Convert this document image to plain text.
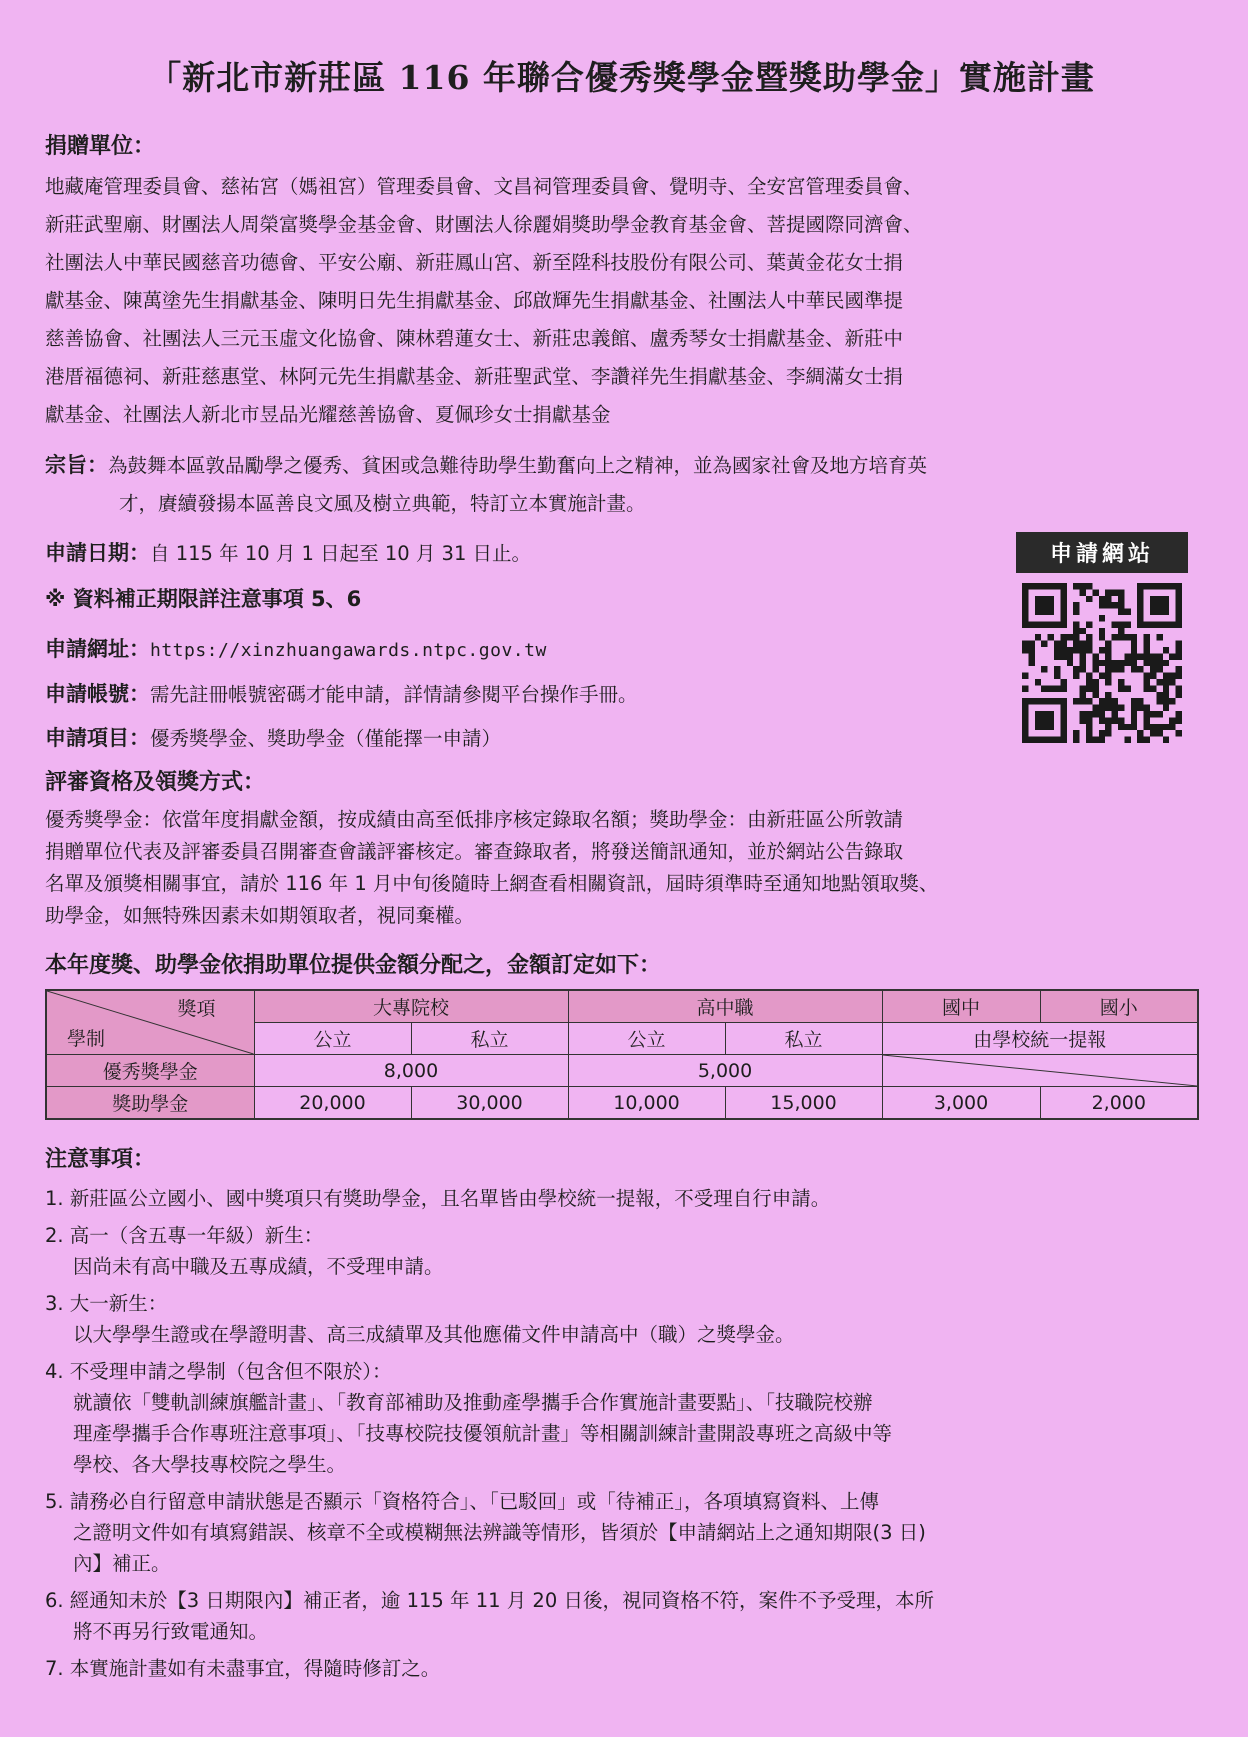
「新北市新莊區 116 年聯合優秀獎學金暨獎助學金」實施計畫
捐贈單位：
地藏庵管理委員會、慈祐宮（媽祖宮）管理委員會、文昌祠管理委員會、覺明寺、全安宮管理委員會、
新莊武聖廟、財團法人周榮富獎學金基金會、財團法人徐麗娟獎助學金教育基金會、菩提國際同濟會、
社團法人中華民國慈音功德會、平安公廟、新莊鳳山宮、新至陞科技股份有限公司、葉黃金花女士捐
獻基金、陳萬塗先生捐獻基金、陳明日先生捐獻基金、邱啟輝先生捐獻基金、社團法人中華民國準提
慈善協會、社團法人三元玉虛文化協會、陳林碧蓮女士、新莊忠義館、盧秀琴女士捐獻基金、新莊中
港厝福德祠、新莊慈惠堂、林阿元先生捐獻基金、新莊聖武堂、李讚祥先生捐獻基金、李綢滿女士捐
獻基金、社團法人新北市昱品光耀慈善協會、夏佩珍女士捐獻基金
宗旨：為鼓舞本區敦品勵學之優秀、貧困或急難待助學生勤奮向上之精神，並為國家社會及地方培育英
才，賡續發揚本區善良文風及樹立典範，特訂立本實施計畫。
申請日期：自 115 年 10 月 1 日起至 10 月 31 日止。
※ 資料補正期限詳注意事項 5、6
申請網址：https://xinzhuangawards.ntpc.gov.tw
申請帳號：需先註冊帳號密碼才能申請，詳情請參閱平台操作手冊。
申請項目：優秀獎學金、獎助學金（僅能擇一申請）
申請網站
評審資格及領獎方式：
優秀獎學金：依當年度捐獻金額，按成績由高至低排序核定錄取名額；獎助學金：由新莊區公所敦請
捐贈單位代表及評審委員召開審查會議評審核定。審查錄取者，將發送簡訊通知，並於網站公告錄取
名單及頒獎相關事宜，請於 116 年 1 月中旬後隨時上網查看相關資訊，屆時須準時至通知地點領取獎、
助學金，如無特殊因素未如期領取者，視同棄權。
本年度獎、助學金依捐助單位提供金額分配之，金額訂定如下：
獎項
學制	大專院校		高中職		國中	國小
	公立	私立	公立	私立	由學校統一提報	
優秀獎學金	8,000		5,000	

獎助學金	20,000	30,000	10,000	15,000	3,000	2,000
注意事項：
1. 新莊區公立國小、國中獎項只有獎助學金，且名單皆由學校統一提報，不受理自行申請。
2. 高一（含五專一年級）新生：
因尚未有高中職及五專成績，不受理申請。
3. 大一新生：
以大學學生證或在學證明書、高三成績單及其他應備文件申請高中（職）之獎學金。
4. 不受理申請之學制（包含但不限於）：
就讀依「雙軌訓練旗艦計畫」、「教育部補助及推動產學攜手合作實施計畫要點」、「技職院校辦
理產學攜手合作專班注意事項」、「技專校院技優領航計畫」等相關訓練計畫開設專班之高級中等
學校、各大學技專校院之學生。
5. 請務必自行留意申請狀態是否顯示「資格符合」、「已駁回」或「待補正」，各項填寫資料、上傳
之證明文件如有填寫錯誤、核章不全或模糊無法辨識等情形，皆須於【申請網站上之通知期限(3 日)
內】補正。
6. 經通知未於【3 日期限內】補正者，逾 115 年 11 月 20 日後，視同資格不符，案件不予受理，本所
將不再另行致電通知。
7. 本實施計畫如有未盡事宜，得隨時修訂之。
